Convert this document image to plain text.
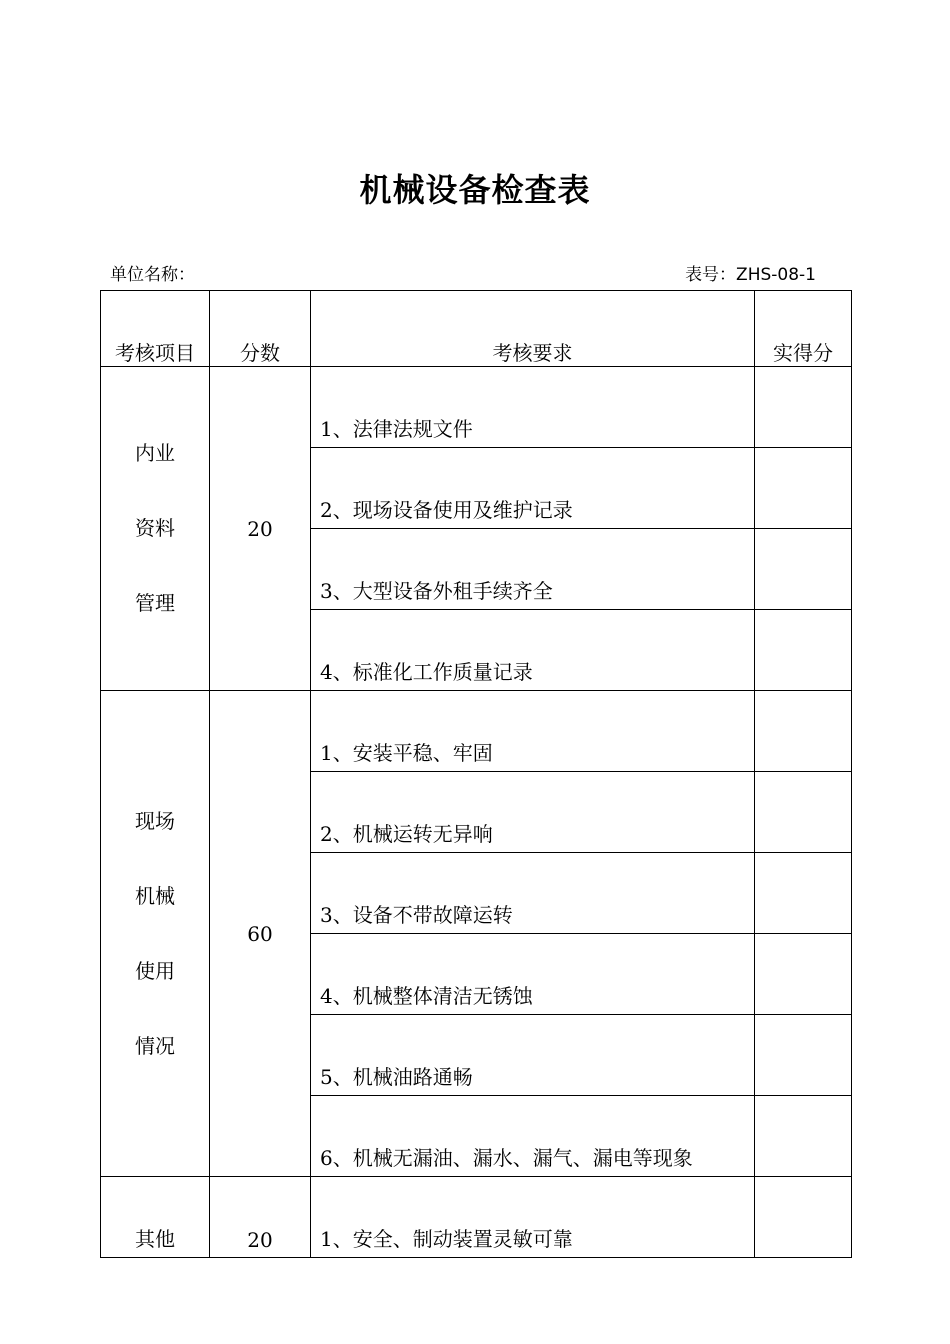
机械设备检查表
单位名称：	表号：ZHS-08-1
考核项目	分数	考核要求	实得分

内业
资料
管理	20	1、法律法规文件	
		2、现场设备使用及维护记录	
		3、大型设备外租手续齐全	
		4、标准化工作质量记录	

现场
机械
使用
情况	60	1、安装平稳、牢固	
		2、机械运转无异响	
		3、设备不带故障运转	
		4、机械整体清洁无锈蚀	
		5、机械油路通畅	
		6、机械无漏油、漏水、漏气、漏电等现象	
其他	20	1、安全、制动装置灵敏可靠	
